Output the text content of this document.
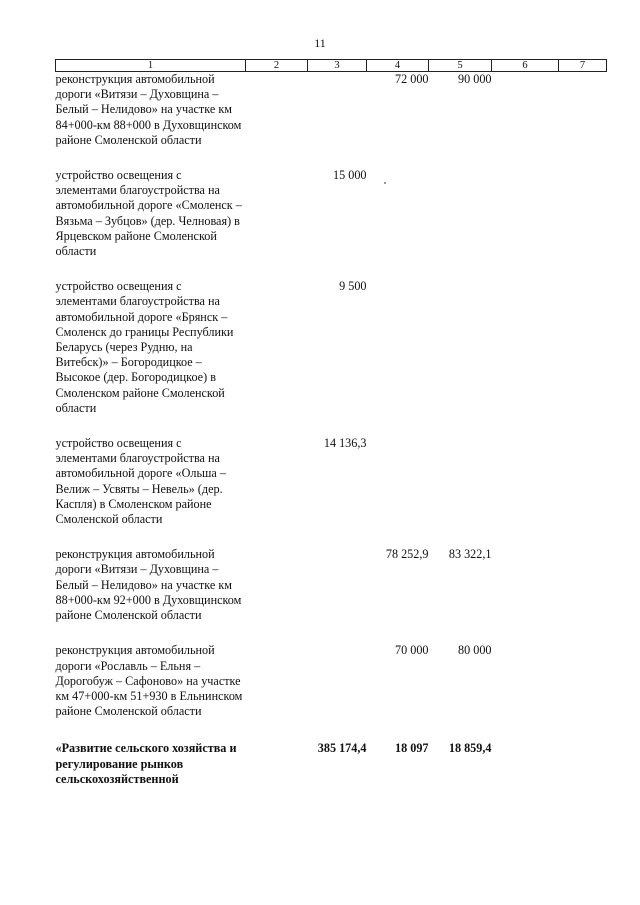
11
1	2	3	4	5	6	7
реконструкция автомобильной дороги «Витязи – Духовщина – Белый – Нелидово» на участке км 84+000-км 88+000 в Духовщинском районе Смоленской области			72 000	90 000		

устройство освещения с элементами благоустройства на автомобильной дороге «Смоленск – Вязьма – Зубцов» (дер. Челновая) в Ярцевском районе Смоленской области		15 000				

устройство освещения с элементами благоустройства на автомобильной дороге «Брянск – Смоленск до границы Республики Беларусь (через Рудню, на Витебск)» – Богородицкое – Высокое (дер. Богородицкое) в Смоленском районе Смоленской области		9 500				

устройство освещения с элементами благоустройства на автомобильной дороге «Ольша – Велиж – Усвяты – Невель» (дер. Каспля) в Смоленском районе Смоленской области		14 136,3				

реконструкция автомобильной дороги «Витязи – Духовщина – Белый – Нелидово» на участке км 88+000-км 92+000 в Духовщинском районе Смоленской области			78 252,9	83 322,1		

реконструкция автомобильной дороги «Рославль – Ельня – Дорогобуж – Сафоново» на участке км 47+000-км 51+930 в Ельнинском районе Смоленской области			70 000	80 000		

«Развитие сельского хозяйства и регулирование рынков сельскохозяйственной		385 174,4	18 097	18 859,4		
